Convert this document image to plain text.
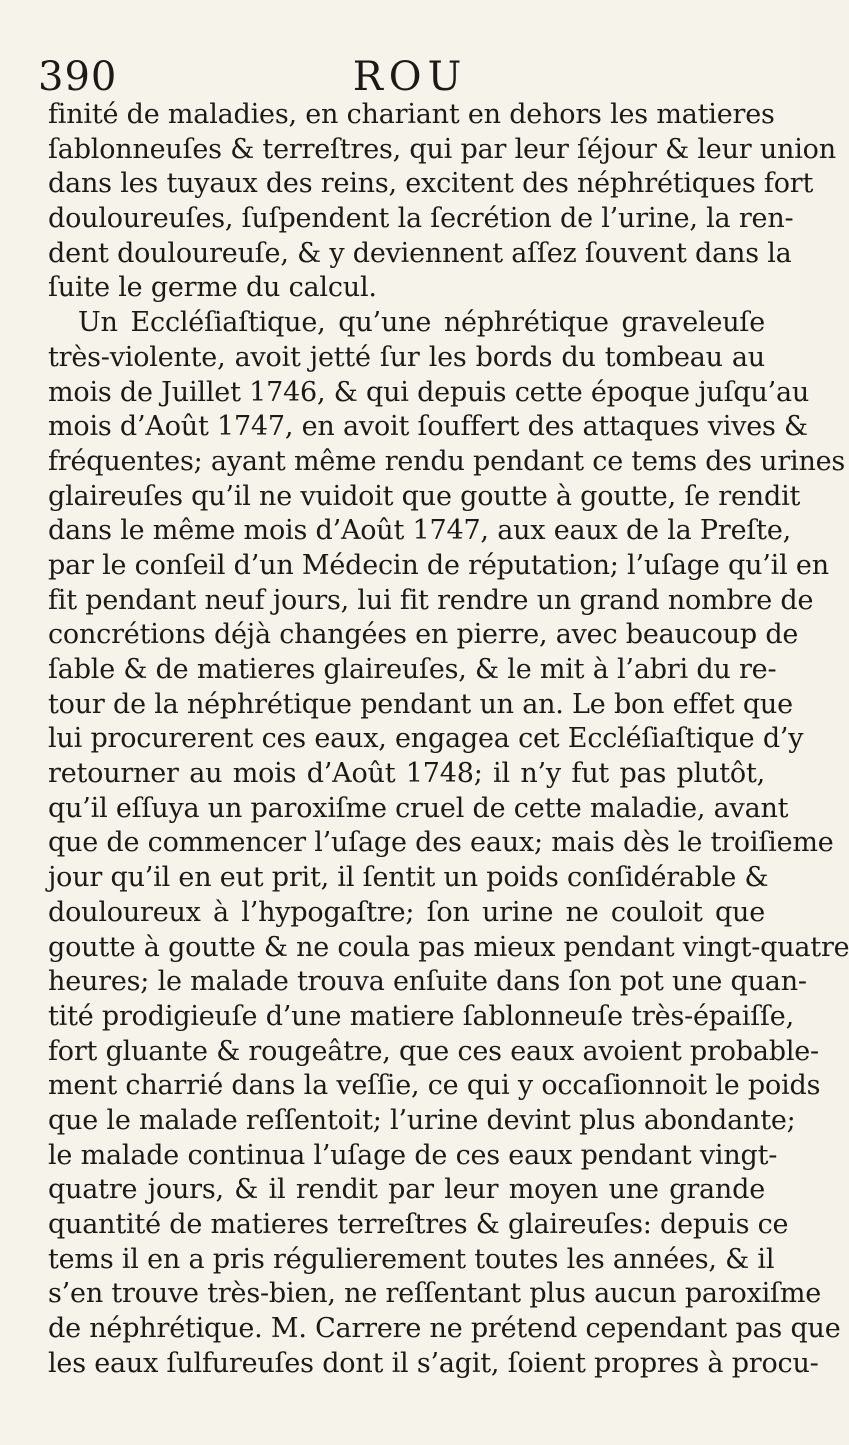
390	ROU
finité de maladies, en chariant en dehors les matieres
ſablonneuſes & terreſtres, qui par leur ſéjour & leur union
dans les tuyaux des reins, excitent des néphrétiques fort
douloureuſes, ſuſpendent la ſecrétion de l’urine, la ren-
dent douloureuſe, & y deviennent aſſez ſouvent dans la
ſuite le germe du calcul.
Un Eccléſiaſtique, qu’une néphrétique graveleuſe
très-violente, avoit jetté ſur les bords du tombeau au
mois de Juillet 1746, & qui depuis cette époque juſqu’au
mois d’Août 1747, en avoit ſouffert des attaques vives &
fréquentes; ayant même rendu pendant ce tems des urines
glaireuſes qu’il ne vuidoit que goutte à goutte, ſe rendit
dans le même mois d’Août 1747, aux eaux de la Preſte,
par le conſeil d’un Médecin de réputation; l’uſage qu’il en
fit pendant neuf jours, lui fit rendre un grand nombre de
concrétions déjà changées en pierre, avec beaucoup de
ſable & de matieres glaireuſes, & le mit à l’abri du re-
tour de la néphrétique pendant un an. Le bon effet que
lui procurerent ces eaux, engagea cet Eccléſiaſtique d’y
retourner au mois d’Août 1748; il n’y fut pas plutôt,
qu’il eſſuya un paroxiſme cruel de cette maladie, avant
que de commencer l’uſage des eaux; mais dès le troiſieme
jour qu’il en eut prit, il ſentit un poids conſidérable &
douloureux à l’hypogaſtre; ſon urine ne couloit que
goutte à goutte & ne coula pas mieux pendant vingt-quatre
heures; le malade trouva enſuite dans ſon pot une quan-
tité prodigieuſe d’une matiere ſablonneuſe très-épaiſſe,
fort gluante & rougeâtre, que ces eaux avoient probable-
ment charrié dans la veſſie, ce qui y occaſionnoit le poids
que le malade reſſentoit; l’urine devint plus abondante;
le malade continua l’uſage de ces eaux pendant vingt-
quatre jours, & il rendit par leur moyen une grande
quantité de matieres terreſtres & glaireuſes: depuis ce
tems il en a pris régulierement toutes les années, & il
s’en trouve très-bien, ne reſſentant plus aucun paroxiſme
de néphrétique. M. Carrere ne prétend cependant pas que
les eaux ſulfureuſes dont il s’agit, ſoient propres à procu-
